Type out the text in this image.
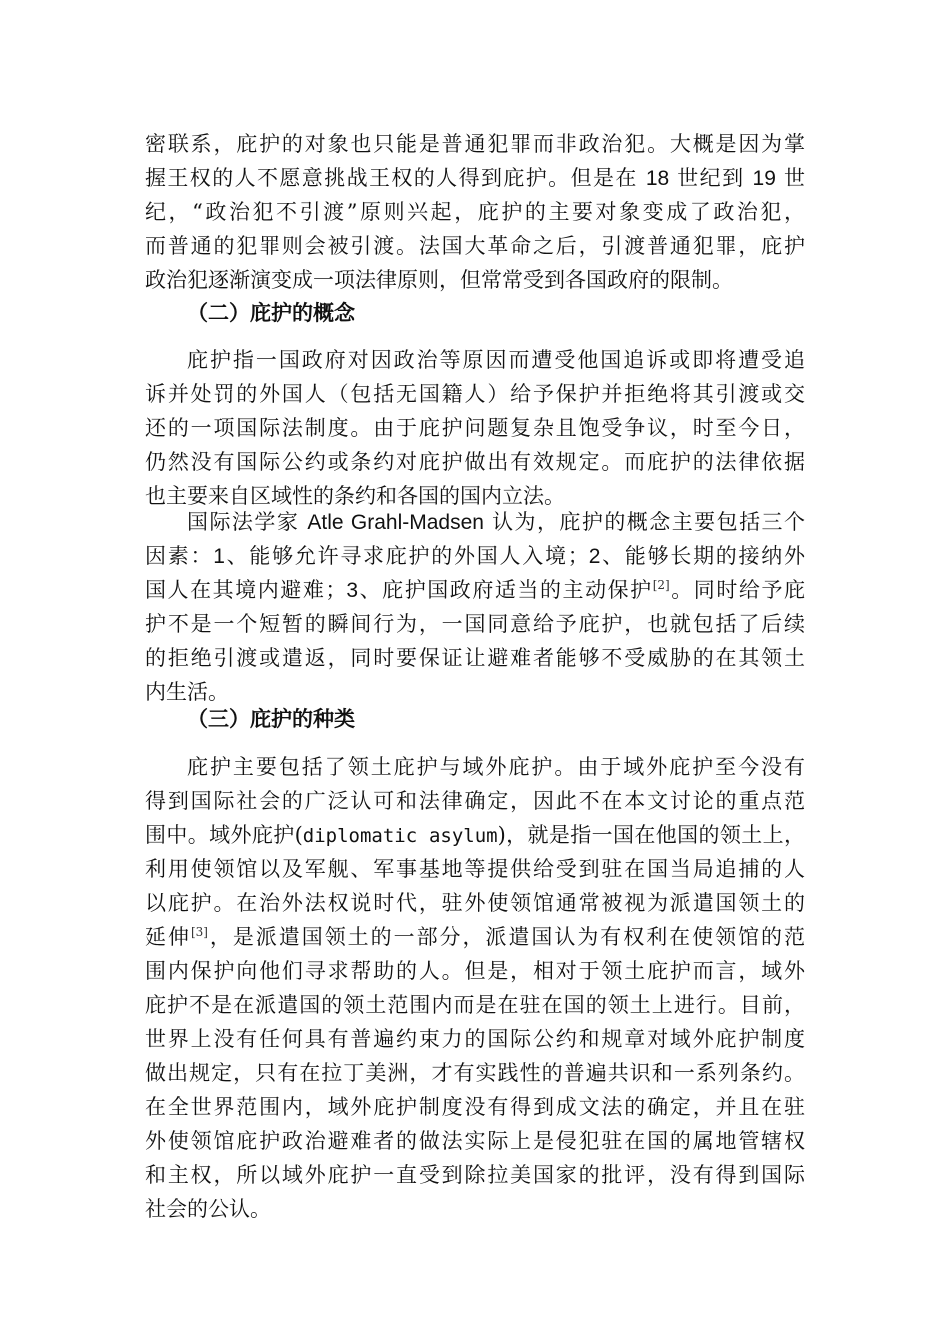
密联系，庇护的对象也只能是普通犯罪而非政治犯。大概是因为掌
握王权的人不愿意挑战王权的人得到庇护。但是在 18 世纪到 19 世
纪，“政治犯不引渡”原则兴起，庇护的主要对象变成了政治犯，
而普通的犯罪则会被引渡。法国大革命之后，引渡普通犯罪，庇护
政治犯逐渐演变成一项法律原则，但常常受到各国政府的限制。
（二）庇护的概念
庇护指一国政府对因政治等原因而遭受他国追诉或即将遭受追
诉并处罚的外国人（包括无国籍人）给予保护并拒绝将其引渡或交
还的一项国际法制度。由于庇护问题复杂且饱受争议，时至今日，
仍然没有国际公约或条约对庇护做出有效规定。而庇护的法律依据
也主要来自区域性的条约和各国的国内立法。
国际法学家 Atle Grahl-Madsen 认为，庇护的概念主要包括三个
因素：1、能够允许寻求庇护的外国人入境；2、能够长期的接纳外
国人在其境内避难；3、庇护国政府适当的主动保护[2]。同时给予庇
护不是一个短暂的瞬间行为，一国同意给予庇护，也就包括了后续
的拒绝引渡或遣返，同时要保证让避难者能够不受威胁的在其领土
内生活。
（三）庇护的种类
庇护主要包括了领土庇护与域外庇护。由于域外庇护至今没有
得到国际社会的广泛认可和法律确定，因此不在本文讨论的重点范
围中。域外庇护(diplomatic asylum)，就是指一国在他国的领土上，
利用使领馆以及军舰、军事基地等提供给受到驻在国当局追捕的人
以庇护。在治外法权说时代，驻外使领馆通常被视为派遣国领土的
延伸[3]，是派遣国领土的一部分，派遣国认为有权利在使领馆的范
围内保护向他们寻求帮助的人。但是，相对于领土庇护而言，域外
庇护不是在派遣国的领土范围内而是在驻在国的领土上进行。目前，
世界上没有任何具有普遍约束力的国际公约和规章对域外庇护制度
做出规定，只有在拉丁美洲，才有实践性的普遍共识和一系列条约。
在全世界范围内，域外庇护制度没有得到成文法的确定，并且在驻
外使领馆庇护政治避难者的做法实际上是侵犯驻在国的属地管辖权
和主权，所以域外庇护一直受到除拉美国家的批评，没有得到国际
社会的公认。
